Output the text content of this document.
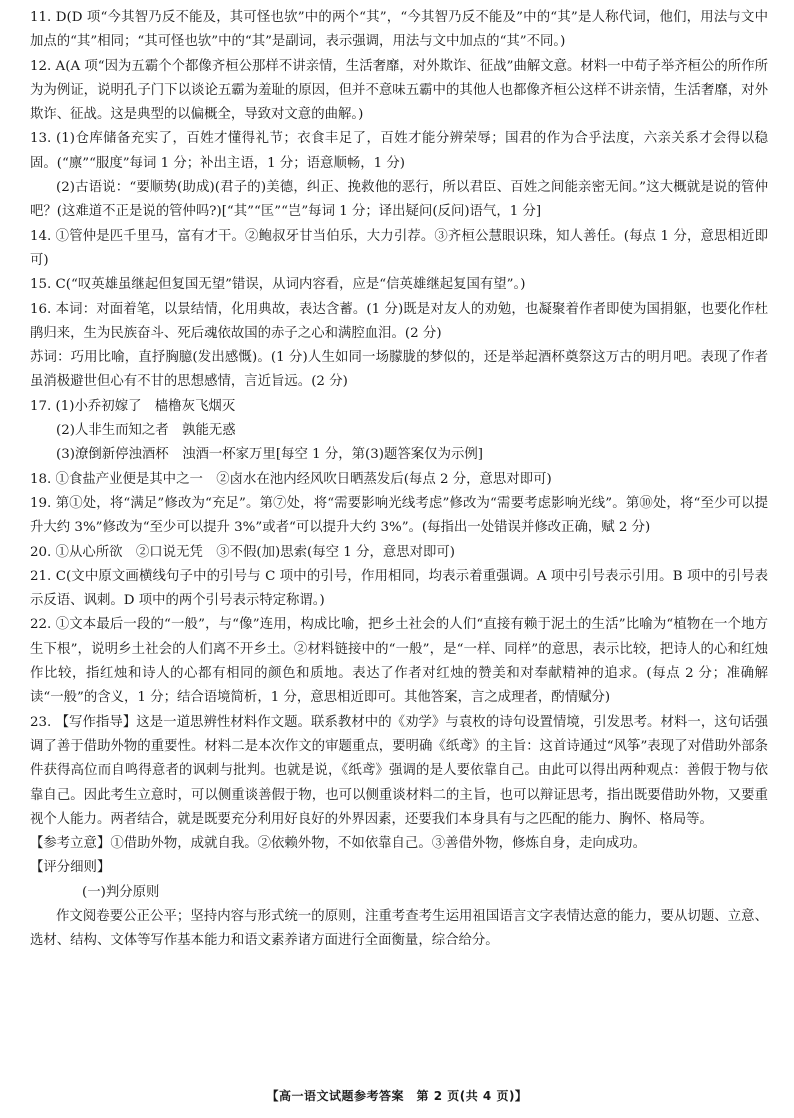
11. D(D 项“今其智乃反不能及，其可怪也欤”中的两个“其”，“今其智乃反不能及”中的“其”是人称代词，他们，用法与文中加点的“其”相同；“其可怪也欤”中的“其”是副词，表示强调，用法与文中加点的“其”不同。)

12. A(A 项“因为五霸个个都像齐桓公那样不讲亲情，生活奢靡，对外欺诈、征战”曲解文意。材料一中荀子举齐桓公的所作所为为例证，说明孔子门下以谈论五霸为羞耻的原因，但并不意味五霸中的其他人也都像齐桓公这样不讲亲情，生活奢靡，对外欺诈、征战。这是典型的以偏概全，导致对文意的曲解。)

13. (1)仓库储备充实了，百姓才懂得礼节；衣食丰足了，百姓才能分辨荣辱；国君的作为合乎法度，六亲关系才会得以稳固。(“廪”“服度”每词 1 分；补出主语，1 分；语意顺畅，1 分)

(2)古语说：“要顺势(助成)(君子的)美德，纠正、挽救他的恶行，所以君臣、百姓之间能亲密无间。”这大概就是说的管仲吧？(这难道不正是说的管仲吗?)[“其”“匡”“岂”每词 1 分；译出疑问(反问)语气，1 分]

14. ①管仲是匹千里马，富有才干。②鲍叔牙甘当伯乐，大力引荐。③齐桓公慧眼识珠，知人善任。(每点 1 分，意思相近即可)

15. C(“叹英雄虽继起但复国无望”错误，从词内容看，应是“信英雄继起复国有望”。)

16. 本词：对面着笔，以景结情，化用典故，表达含蓄。(1 分)既是对友人的劝勉，也凝聚着作者即使为国捐躯，也要化作杜鹃归来，生为民族奋斗、死后魂依故国的赤子之心和满腔血泪。(2 分)

苏词：巧用比喻，直抒胸臆(发出感慨)。(1 分)人生如同一场朦胧的梦似的，还是举起酒杯奠祭这万古的明月吧。表现了作者虽消极避世但心有不甘的思想感情，言近旨远。(2 分)

17. (1)小乔初嫁了　樯橹灰飞烟灭

(2)人非生而知之者　孰能无惑

(3)潦倒新停浊酒杯　浊酒一杯家万里[每空 1 分，第(3)题答案仅为示例]

18. ①食盐产业便是其中之一　②卤水在池内经风吹日晒蒸发后(每点 2 分，意思对即可)

19. 第①处，将“满足”修改为“充足”。第⑦处，将“需要影响光线考虑”修改为“需要考虑影响光线”。第⑩处，将“至少可以提升大约 3%”修改为“至少可以提升 3%”或者“可以提升大约 3%”。(每指出一处错误并修改正确，赋 2 分)

20. ①从心所欲　②口说无凭　③不假(加)思索(每空 1 分，意思对即可)

21. C(文中原文画横线句子中的引号与 C 项中的引号，作用相同，均表示着重强调。A 项中引号表示引用。B 项中的引号表示反语、讽刺。D 项中的两个引号表示特定称谓。)

22. ①文本最后一段的“一般”，与“像”连用，构成比喻，把乡土社会的人们“直接有赖于泥土的生活”比喻为“植物在一个地方生下根”，说明乡土社会的人们离不开乡土。②材料链接中的“一般”，是“一样、同样”的意思，表示比较，把诗人的心和红烛作比较，指红烛和诗人的心都有相同的颜色和质地。表达了作者对红烛的赞美和对奉献精神的追求。(每点 2 分；准确解读“一般”的含义，1 分；结合语境简析，1 分，意思相近即可。其他答案，言之成理者，酌情赋分)

23. 【写作指导】这是一道思辨性材料作文题。联系教材中的《劝学》与袁枚的诗句设置情境，引发思考。材料一，这句话强调了善于借助外物的重要性。材料二是本次作文的审题重点，要明确《纸鸢》的主旨：这首诗通过“风筝”表现了对借助外部条件获得高位而自鸣得意者的讽刺与批判。也就是说，《纸鸢》强调的是人要依靠自己。由此可以得出两种观点：善假于物与依靠自己。因此考生立意时，可以侧重谈善假于物，也可以侧重谈材料二的主旨，也可以辩证思考，指出既要借助外物，又要重视个人能力。两者结合，就是既要充分利用好良好的外界因素，还要我们本身具有与之匹配的能力、胸怀、格局等。

【参考立意】①借助外物，成就自我。②依赖外物，不如依靠自己。③善借外物，修炼自身，走向成功。

【评分细则】

(一)判分原则

作文阅卷要公正公平；坚持内容与形式统一的原则，注重考查考生运用祖国语言文字表情达意的能力，要从切题、立意、选材、结构、文体等写作基本能力和语文素养诸方面进行全面衡量，综合给分。

【高一语文试题参考答案　第 2 页(共 4 页)】
